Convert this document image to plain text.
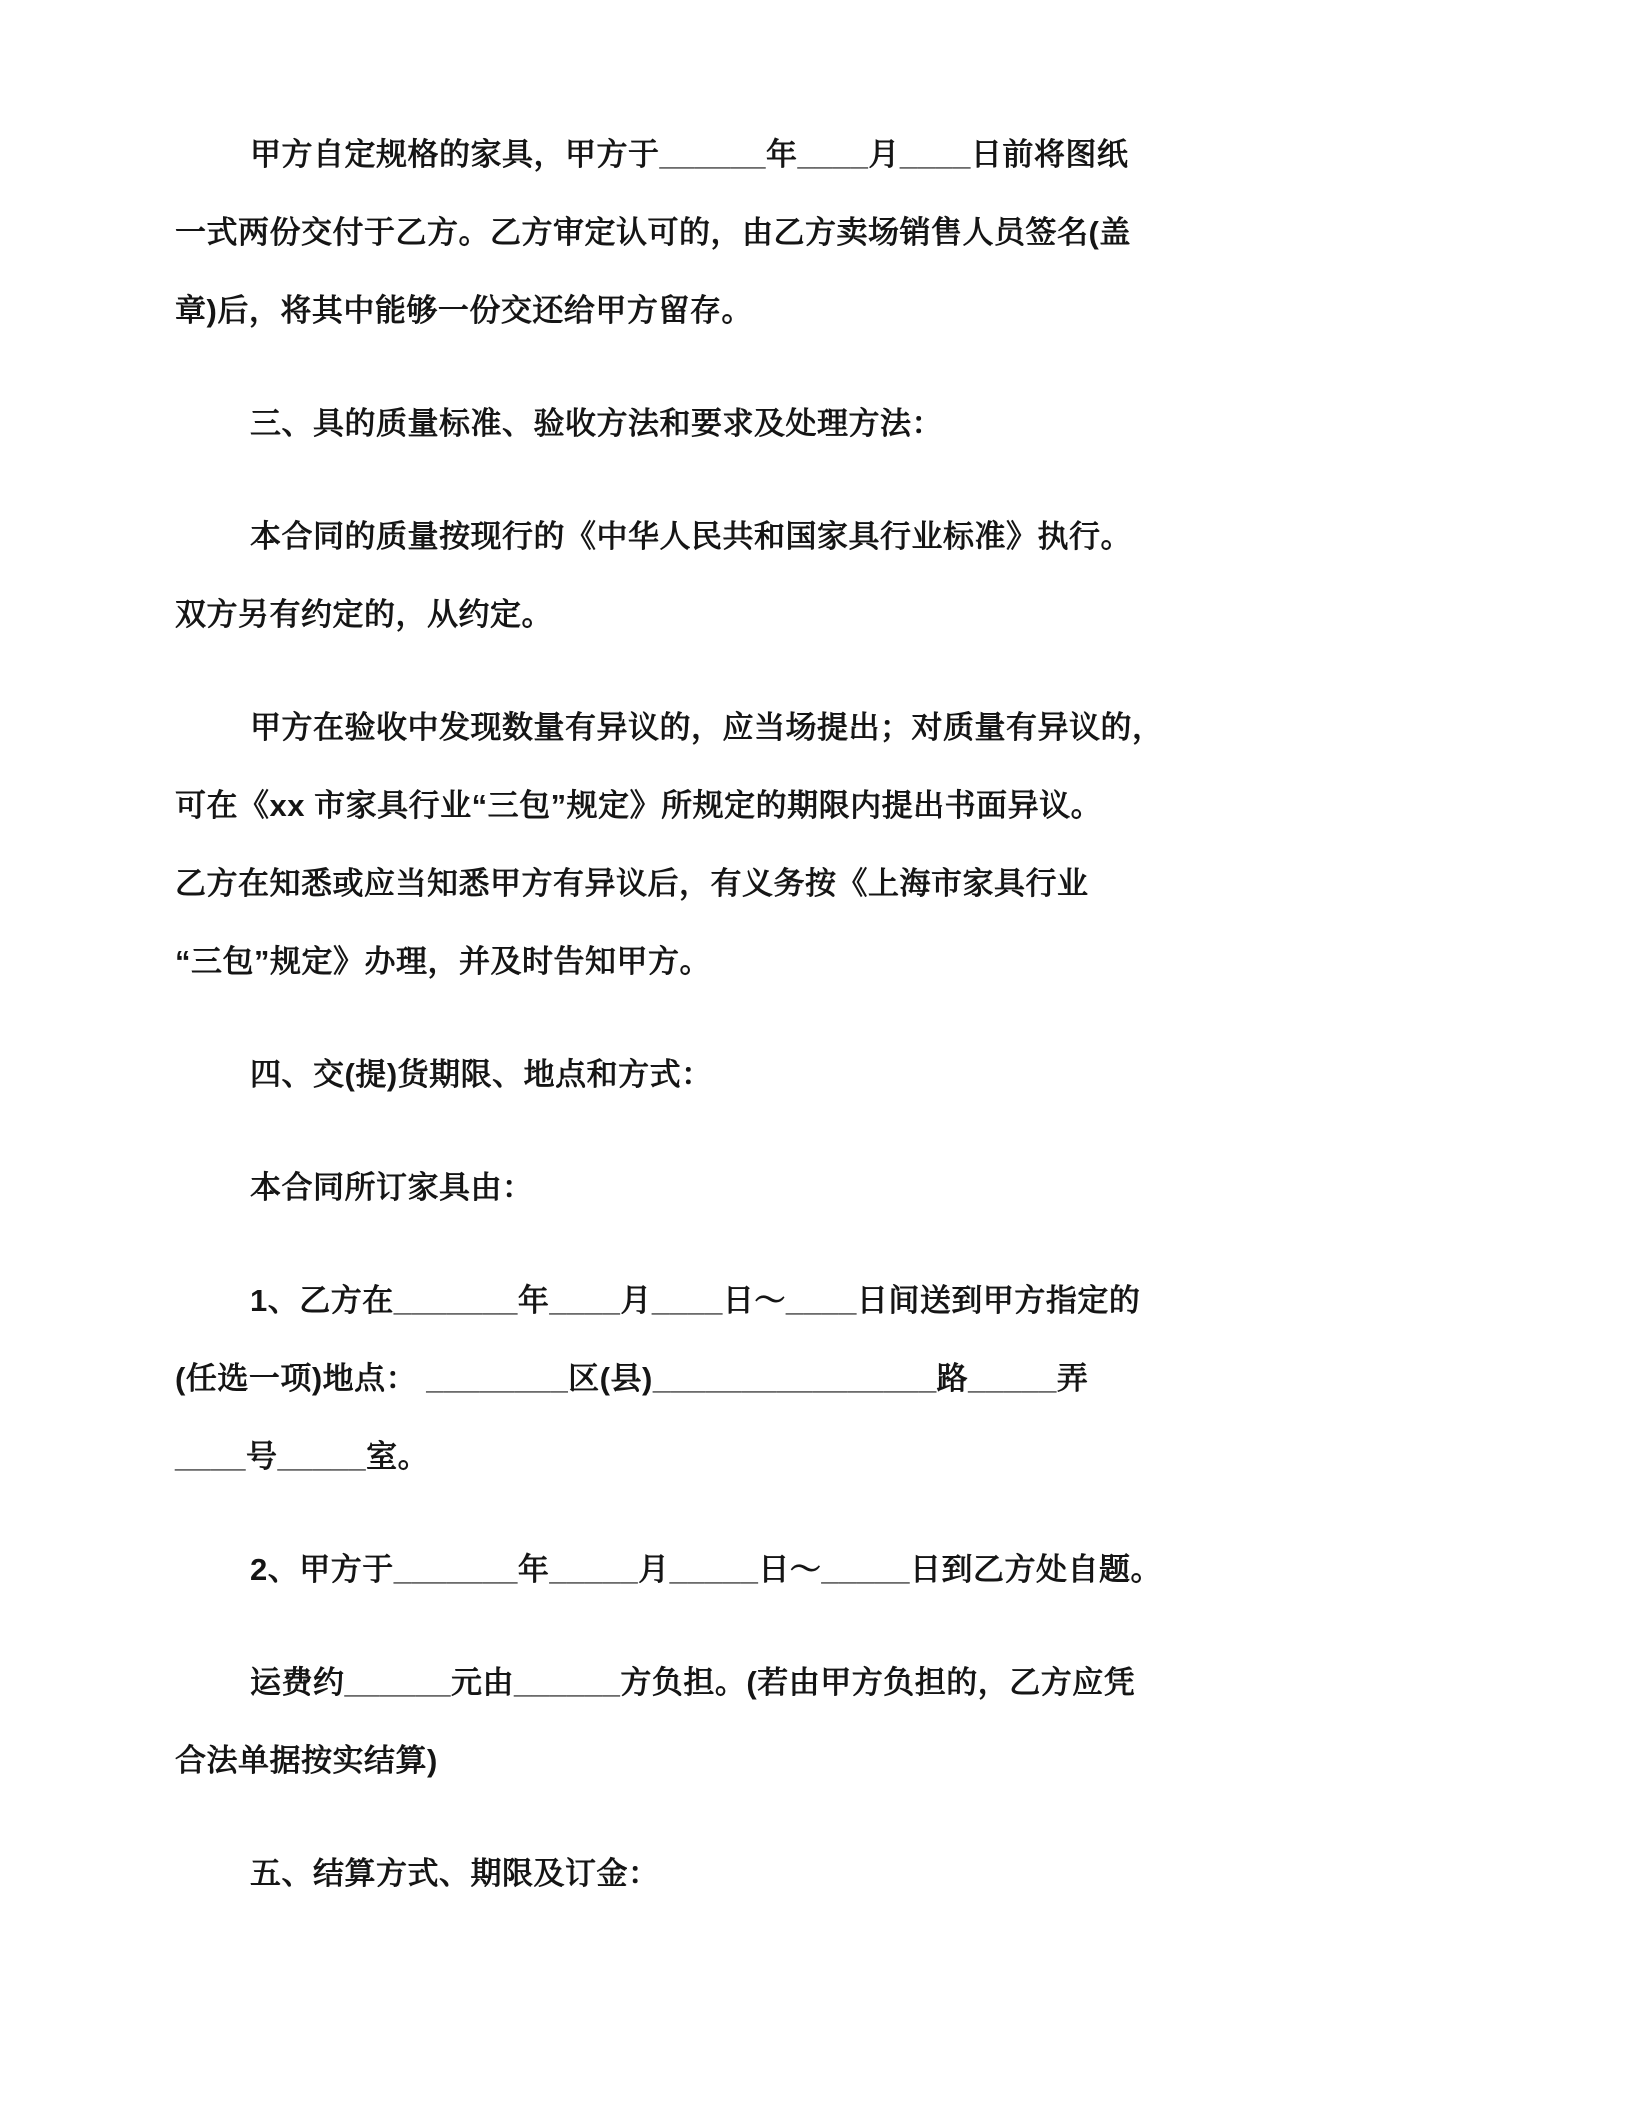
甲方自定规格的家具，甲方于______年____月____日前将图纸
一式两份交付于乙方。乙方审定认可的，由乙方卖场销售人员签名(盖
章)后，将其中能够一份交还给甲方留存。

三、具的质量标准、验收方法和要求及处理方法：

本合同的质量按现行的《中华人民共和国家具行业标准》执行。
双方另有约定的，从约定。

甲方在验收中发现数量有异议的，应当场提出；对质量有异议的，
可在《xx 市家具行业“三包”规定》所规定的期限内提出书面异议。
乙方在知悉或应当知悉甲方有异议后，有义务按《上海市家具行业
“三包”规定》办理，并及时告知甲方。

四、交(提)货期限、地点和方式：

本合同所订家具由：

1、乙方在_______年____月____日～____日间送到甲方指定的
(任选一项)地点： ________区(县)________________路_____弄
____号_____室。

2、甲方于_______年_____月_____日～_____日到乙方处自题。

运费约______元由______方负担。(若由甲方负担的，乙方应凭
合法单据按实结算)

五、结算方式、期限及订金：
